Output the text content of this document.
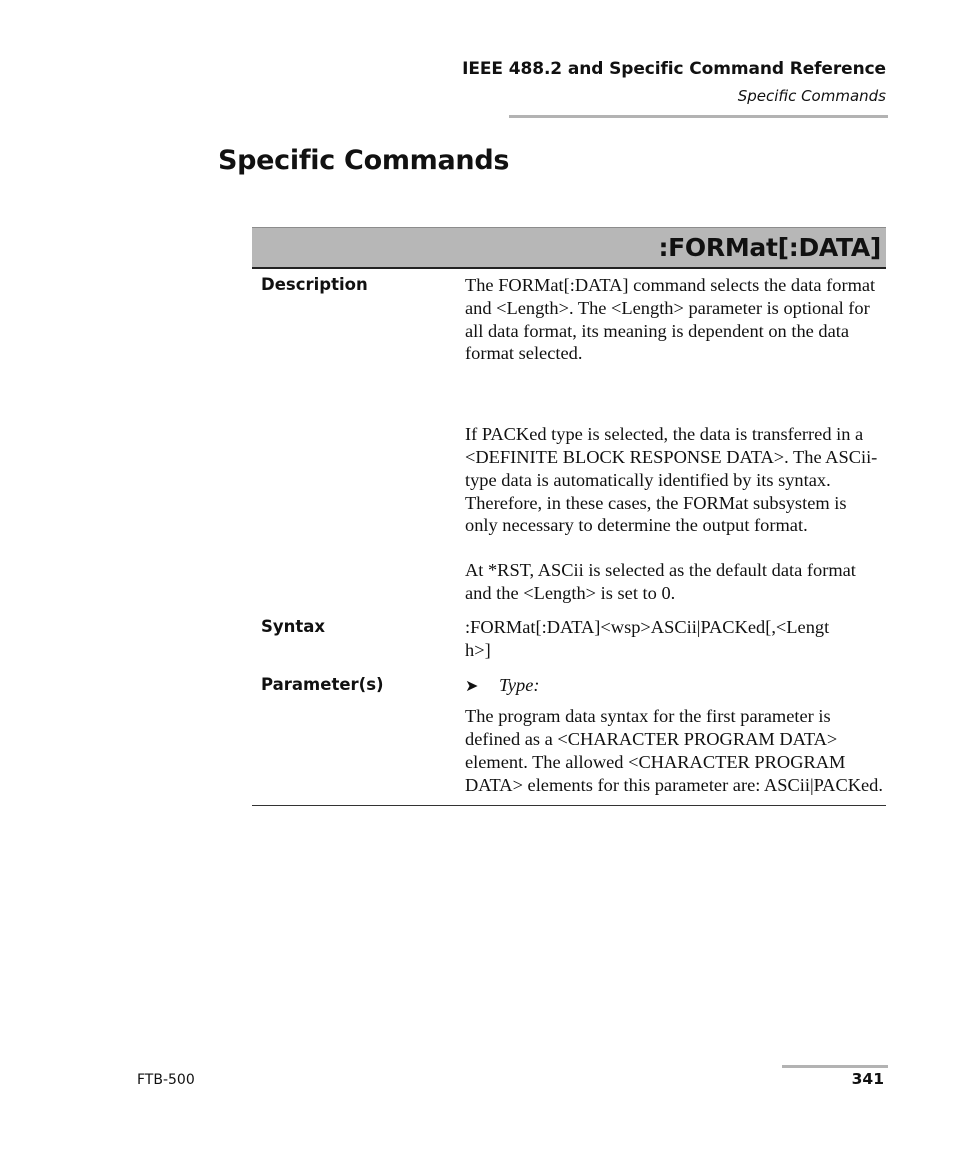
IEEE 488.2 and Specific Command Reference
Specific Commands
Specific Commands
:FORMat[:DATA]
Description	The FORMat[:DATA] command selects the data format and <Length>. The <Length> parameter is optional for all data format, its meaning is dependent on the data format selected.

If PACKed type is selected, the data is transferred in a <DEFINITE BLOCK RESPONSE DATA>. The ASCii-type data is automatically identified by its syntax. Therefore, in these cases, the FORMat subsystem is only necessary to determine the output format.

At *RST, ASCii is selected as the default data format and the <Length> is set to 0.

Syntax	:FORMat[:DATA]<wsp>ASCii|PACKed[,<Lengt

h>]

Parameter(s)	➤ Type:

The program data syntax for the first parameter is defined as a <CHARACTER PROGRAM DATA> element. The allowed <CHARACTER PROGRAM DATA> elements for this parameter are: ASCii|PACKed.

FTB-500	341
